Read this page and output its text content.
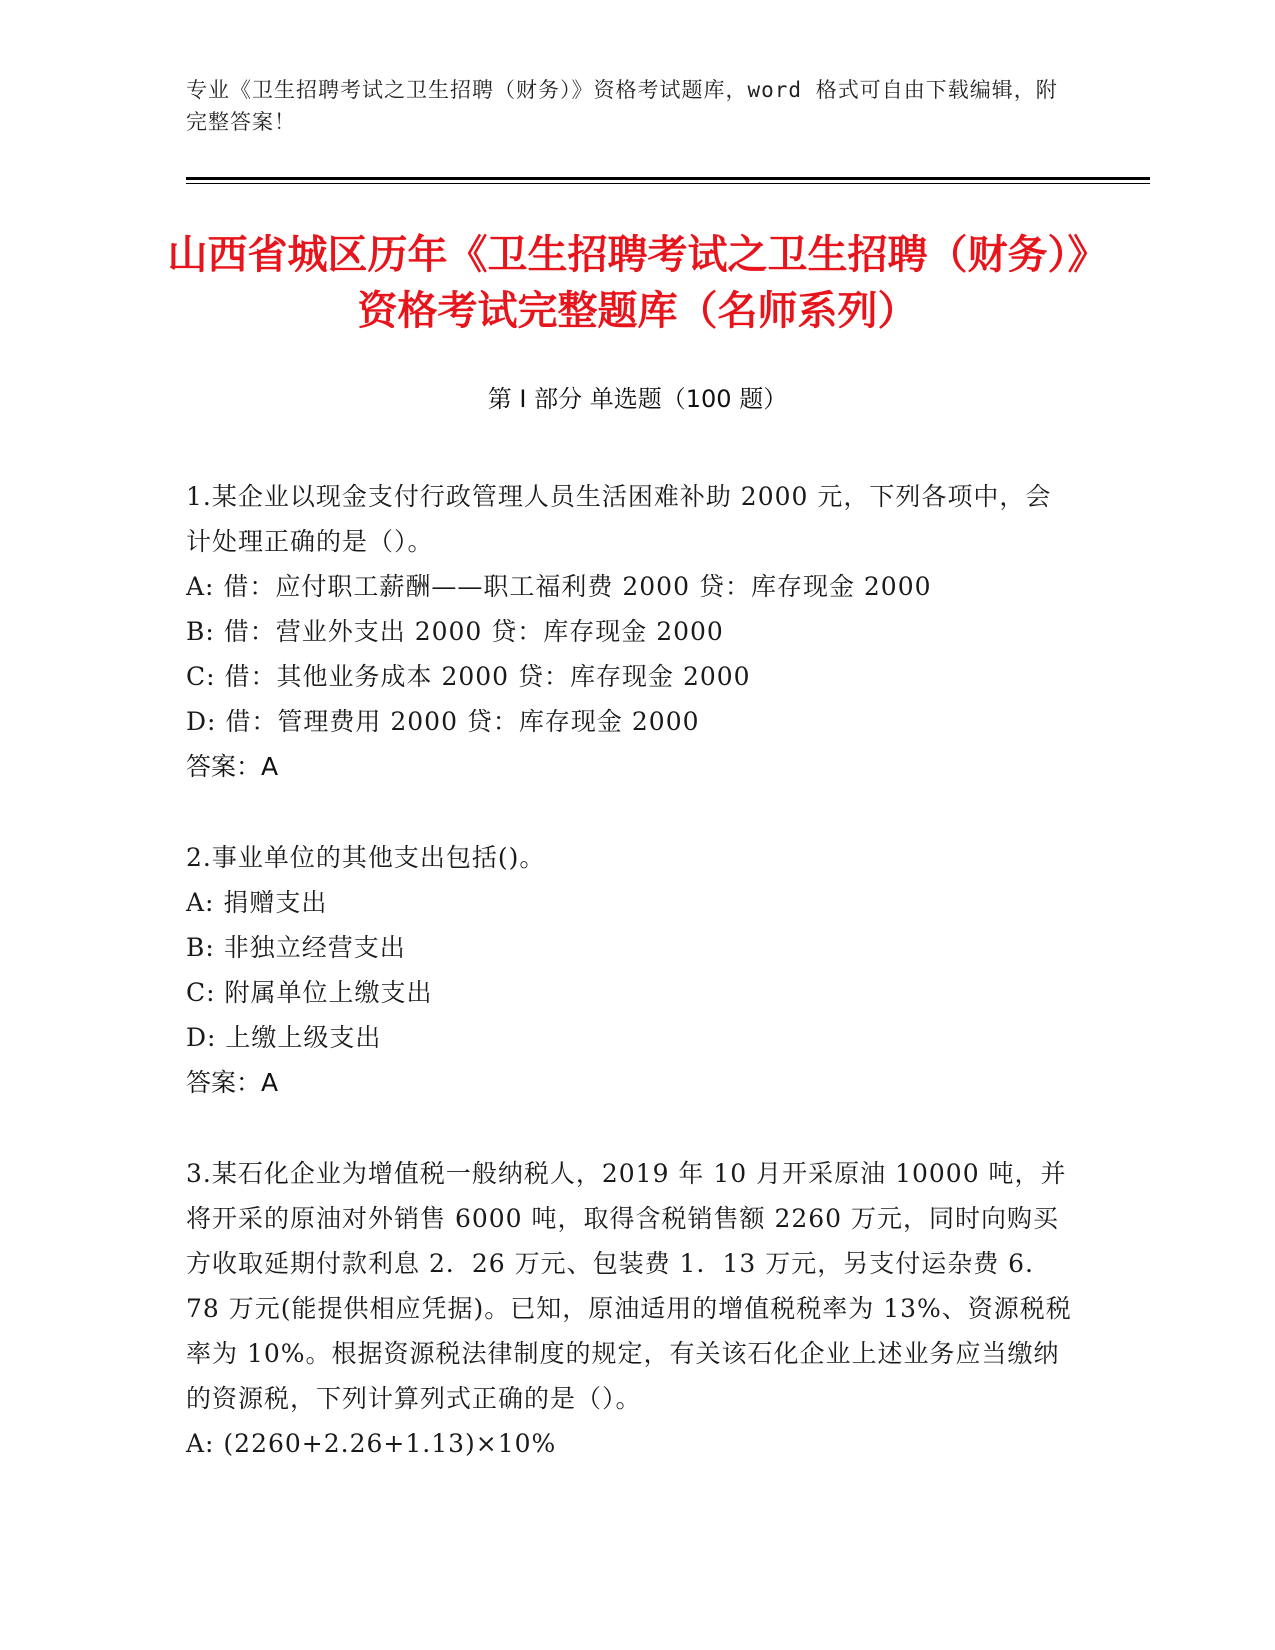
专业《卫生招聘考试之卫生招聘（财务）》资格考试题库，word 格式可自由下载编辑，附完整答案！
山西省城区历年《卫生招聘考试之卫生招聘（财务）》资格考试完整题库（名师系列）
第 I 部分 单选题（100 题）

1.某企业以现金支付行政管理人员生活困难补助 2000 元，下列各项中，会计处理正确的是（）。

A: 借：应付职工薪酬——职工福利费 2000 贷：库存现金 2000

B: 借：营业外支出 2000 贷：库存现金 2000

C: 借：其他业务成本 2000 贷：库存现金 2000

D: 借：管理费用 2000 贷：库存现金 2000

答案：A

2.事业单位的其他支出包括()。

A: 捐赠支出

B: 非独立经营支出

C: 附属单位上缴支出

D: 上缴上级支出

答案：A

3.某石化企业为增值税一般纳税人，2019 年 10 月开采原油 10000 吨，并将开采的原油对外销售 6000 吨，取得含税销售额 2260 万元，同时向购买方收取延期付款利息 2．26 万元、包装费 1．13 万元，另支付运杂费 6．78 万元(能提供相应凭据)。已知，原油适用的增值税税率为 13%、资源税税率为 10%。根据资源税法律制度的规定，有关该石化企业上述业务应当缴纳的资源税，下列计算列式正确的是（）。

A: (2260+2.26+1.13)×10%
